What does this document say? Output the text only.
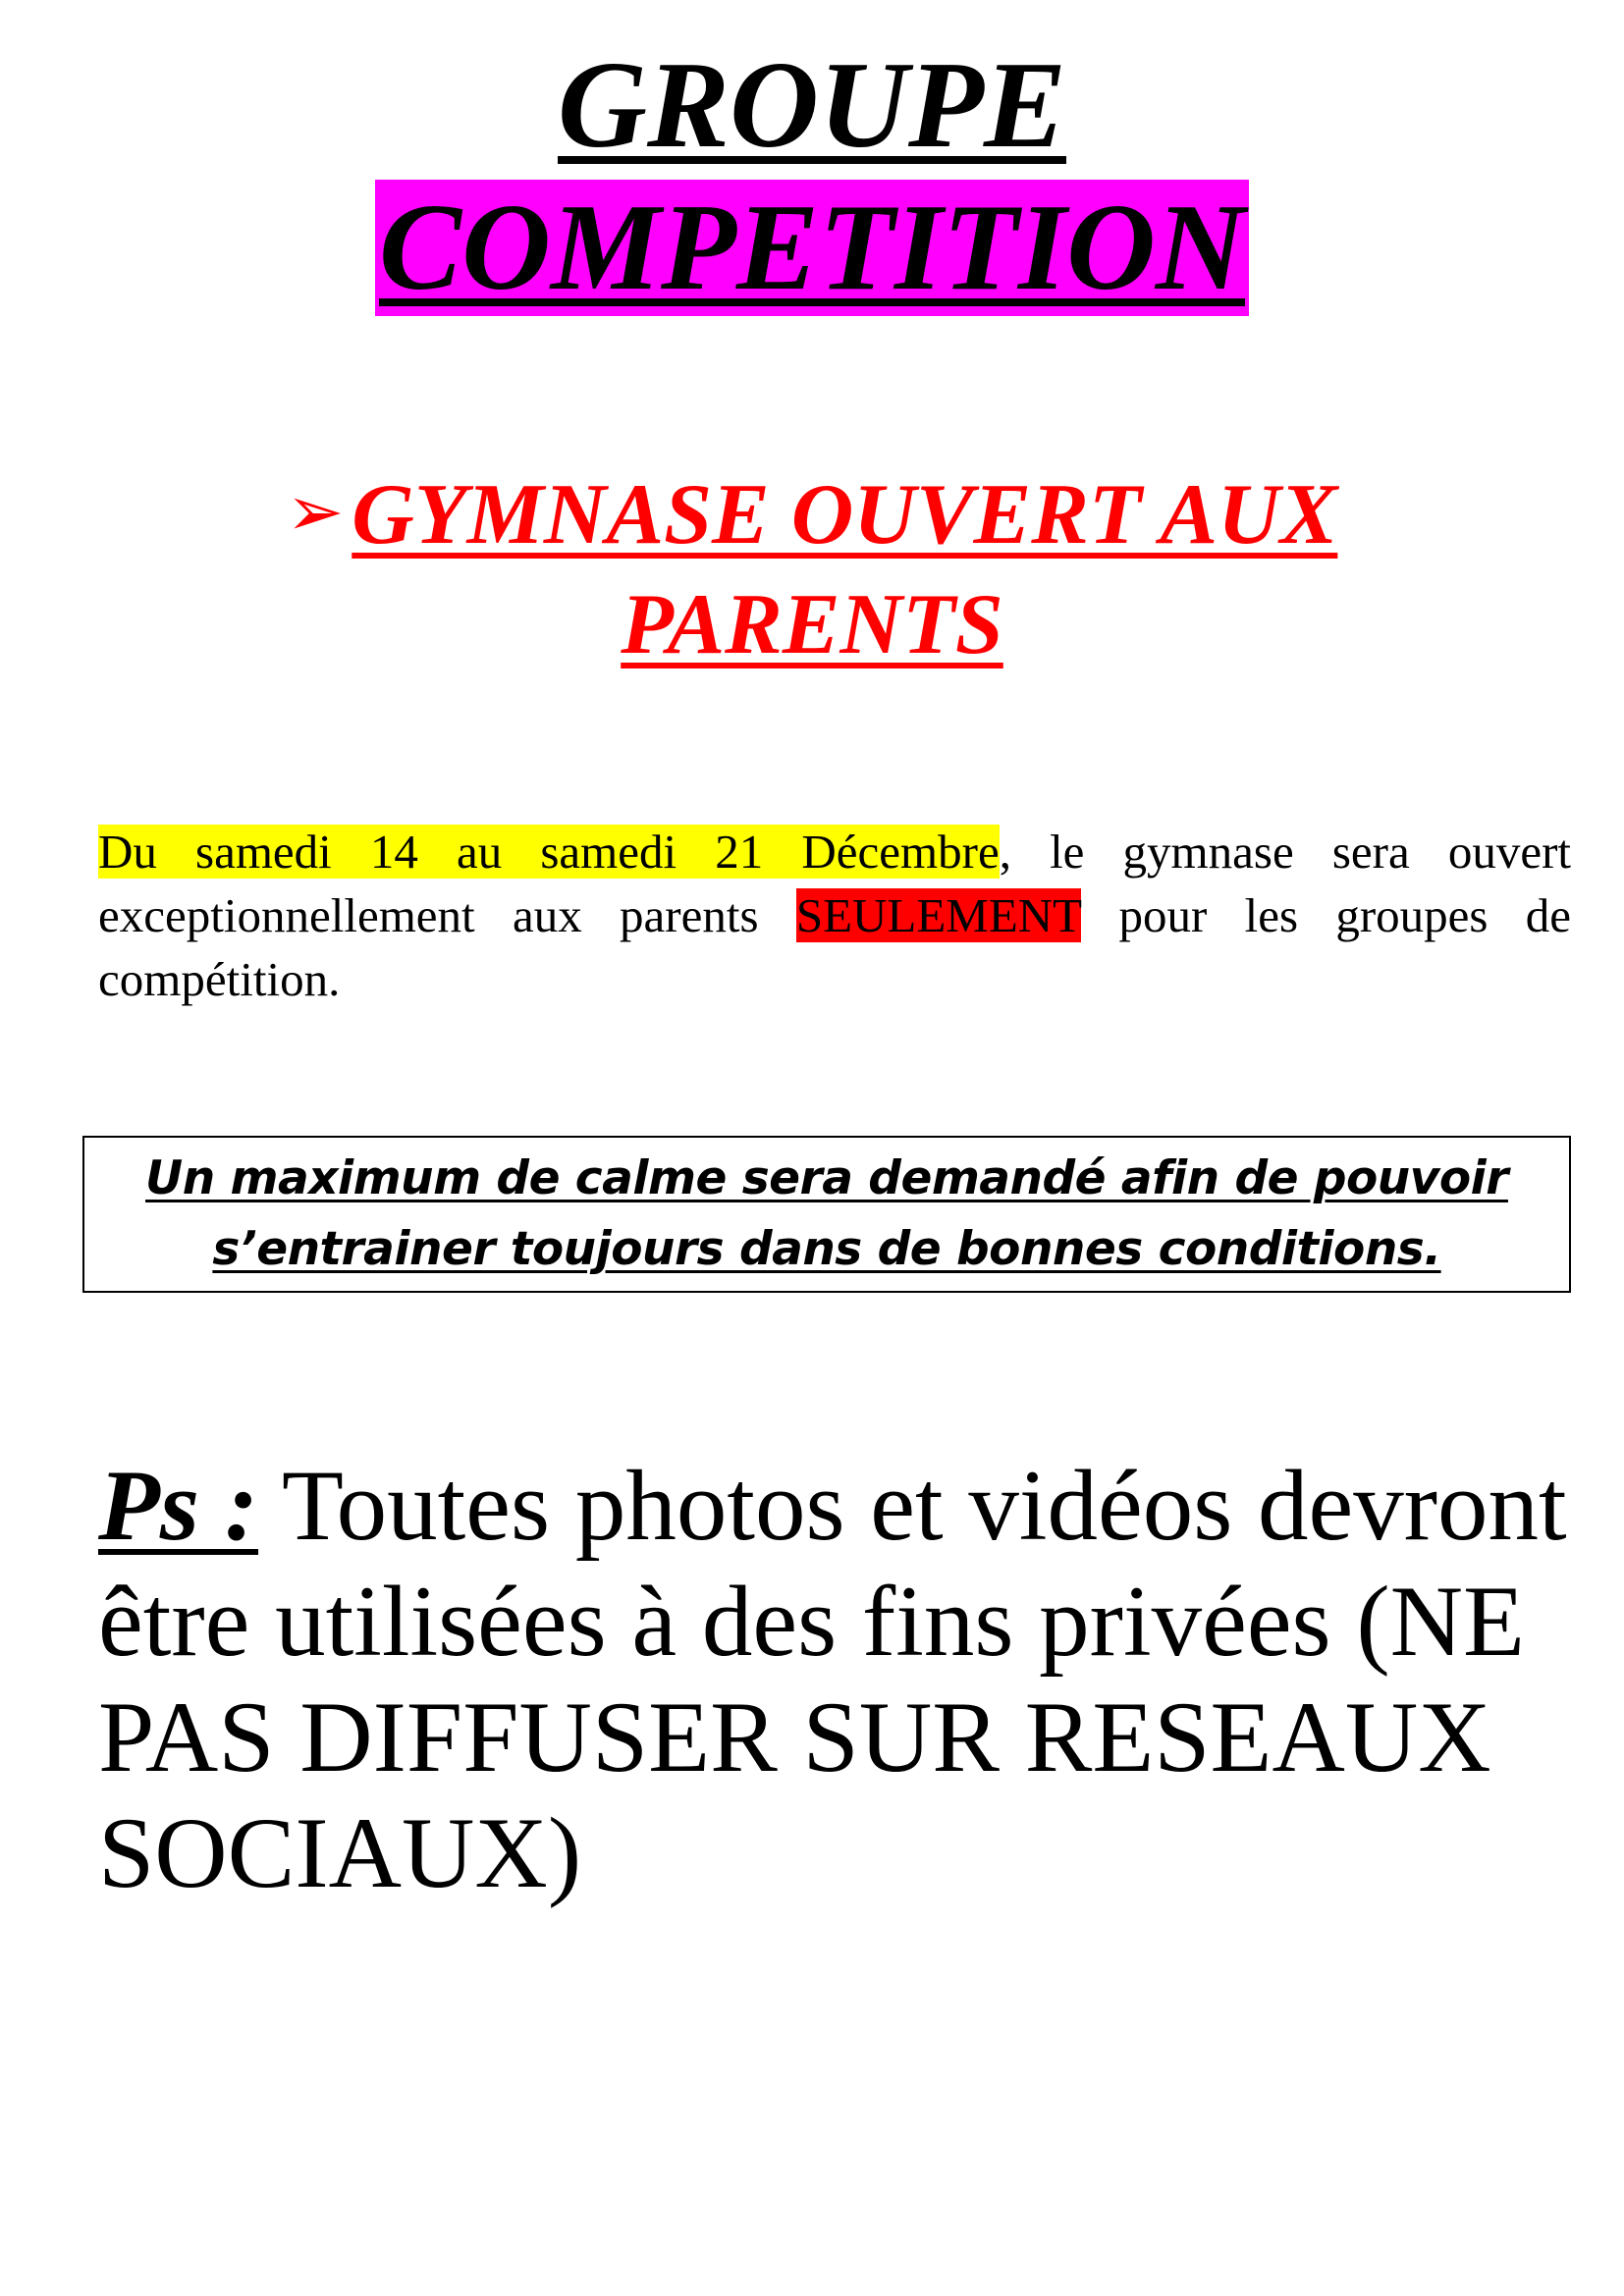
GROUPE
COMPETITION
➢GYMNASE OUVERT AUX PARENTS
Du samedi 14 au samedi 21 Décembre, le gymnase sera ouvert exceptionnellement aux parents SEULEMENT pour les groupes de compétition.
Un maximum de calme sera demandé afin de pouvoir s’entrainer toujours dans de bonnes conditions.
Ps : Toutes photos et vidéos devront être utilisées à des fins privées (NE PAS DIFFUSER SUR RESEAUX SOCIAUX)
